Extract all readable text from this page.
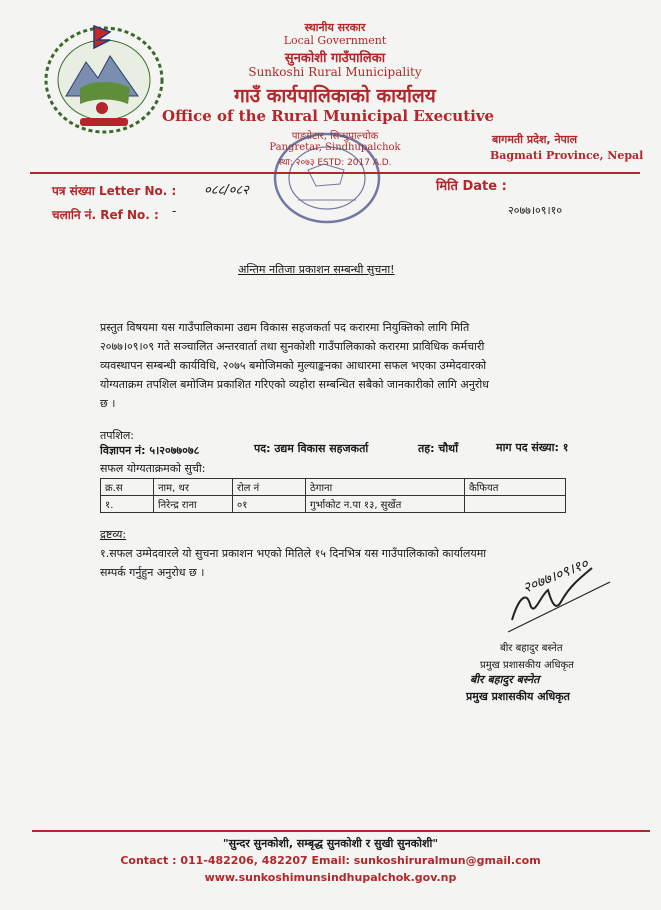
स्थानीय सरकार
Local Government
सुनकोशी गाउँपालिका
Sunkoshi Rural Municipality
गाउँ कार्यपालिकाको कार्यालय
Office of the Rural Municipal Executive
पाङग्रेटार, सिन्धुपाल्चोक
Pangretar, Sindhupalchok
स्था: २०७३ ESTD: 2017 A.D.
बागमती प्रदेश, नेपाल
Bagmati Province, Nepal
पत्र संख्या Letter No. : ०८८/०८२
चलानि नं. Ref No. : -
मिति Date :
२०७७।०९।१०
अन्तिम नतिजा प्रकाशन सम्बन्धी सुचना!
प्रस्तुत विषयमा यस गाउँपालिकामा उद्यम विकास सहजकर्ता पद करारमा नियुक्तिको लागि मिति
२०७७।०९।०९ गते सञ्चालित अन्तरवार्ता तथा सुनकोशी गाउँपालिकाको करारमा प्राविधिक कर्मचारी
व्यवस्थापन सम्बन्धी कार्यविधि, २०७५ बमोजिमको मुल्याङ्कनका आधारमा सफल भएका उम्मेदवारको
योग्यताक्रम तपशिल बमोजिम प्रकाशित गरिएको व्यहोरा सम्बन्धित सबैको जानकारीको लागि अनुरोध
छ ।
तपशिल:
विज्ञापन नं: ५।२०७७०७८	पद: उद्यम विकास सहजकर्ता	तह: चौथाँ	माग पद संख्या: १
सफल योग्यताक्रमको सुची:
क्र.स	नाम, थर	रोल नं	ठेगाना	कैफियत
१.	निरेन्द्र राना	०१	गुर्भाकोट न.पा १३, सुर्खेत	
द्रष्टव्य:
१.सफल उम्मेदवारले यो सुचना प्रकाशन भएको मितिले १५ दिनभित्र यस गाउँपालिकाको कार्यालयमा
सम्पर्क गर्नुहुन अनुरोध छ ।	२०७७।०९।१०
बीर बहादुर बस्नेत
प्रमुख प्रशासकीय अधिकृत
बीर बहादुर बस्नेत
प्रमुख प्रशासकीय अधिकृत
"सुन्दर सुनकोशी, सम्बृद्ध सुनकोशी र सुखी सुनकोशी"
Contact : 011-482206, 482207 Email: sunkoshiruralmun@gmail.com
www.sunkoshimunsindhupalchok.gov.np
